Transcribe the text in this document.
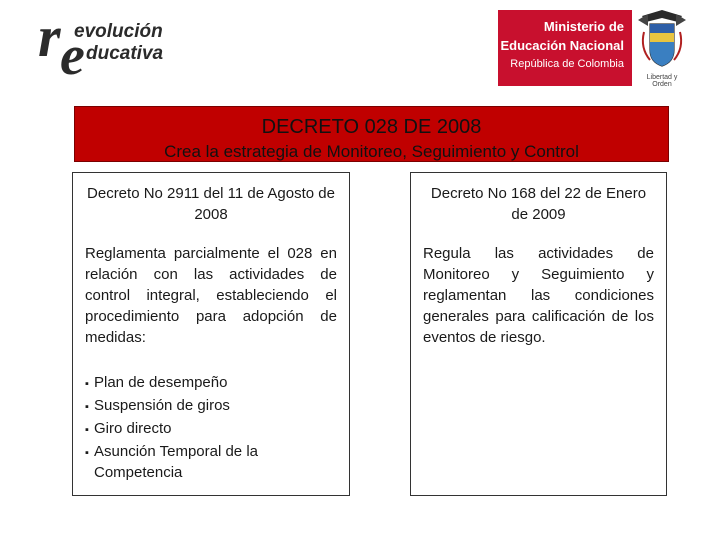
r e
evolución
ducativa
Ministerio de
Educación Nacional
República de Colombia
Libertad y Orden
DECRETO 028 DE 2008
Crea la estrategia de Monitoreo, Seguimiento y Control
Decreto No 2911 del 11 de Agosto de 2008
Reglamenta parcialmente el 028 en relación con las actividades de control integral, estableciendo el procedimiento para adopción de medidas:
▪ Plan de desempeño
▪ Suspensión de giros
▪ Giro directo
▪ Asunción Temporal de la Competencia
Decreto No 168 del 22 de Enero de 2009
Regula las actividades de Monitoreo y Seguimiento y reglamentan las condiciones generales para calificación de los eventos de riesgo.
